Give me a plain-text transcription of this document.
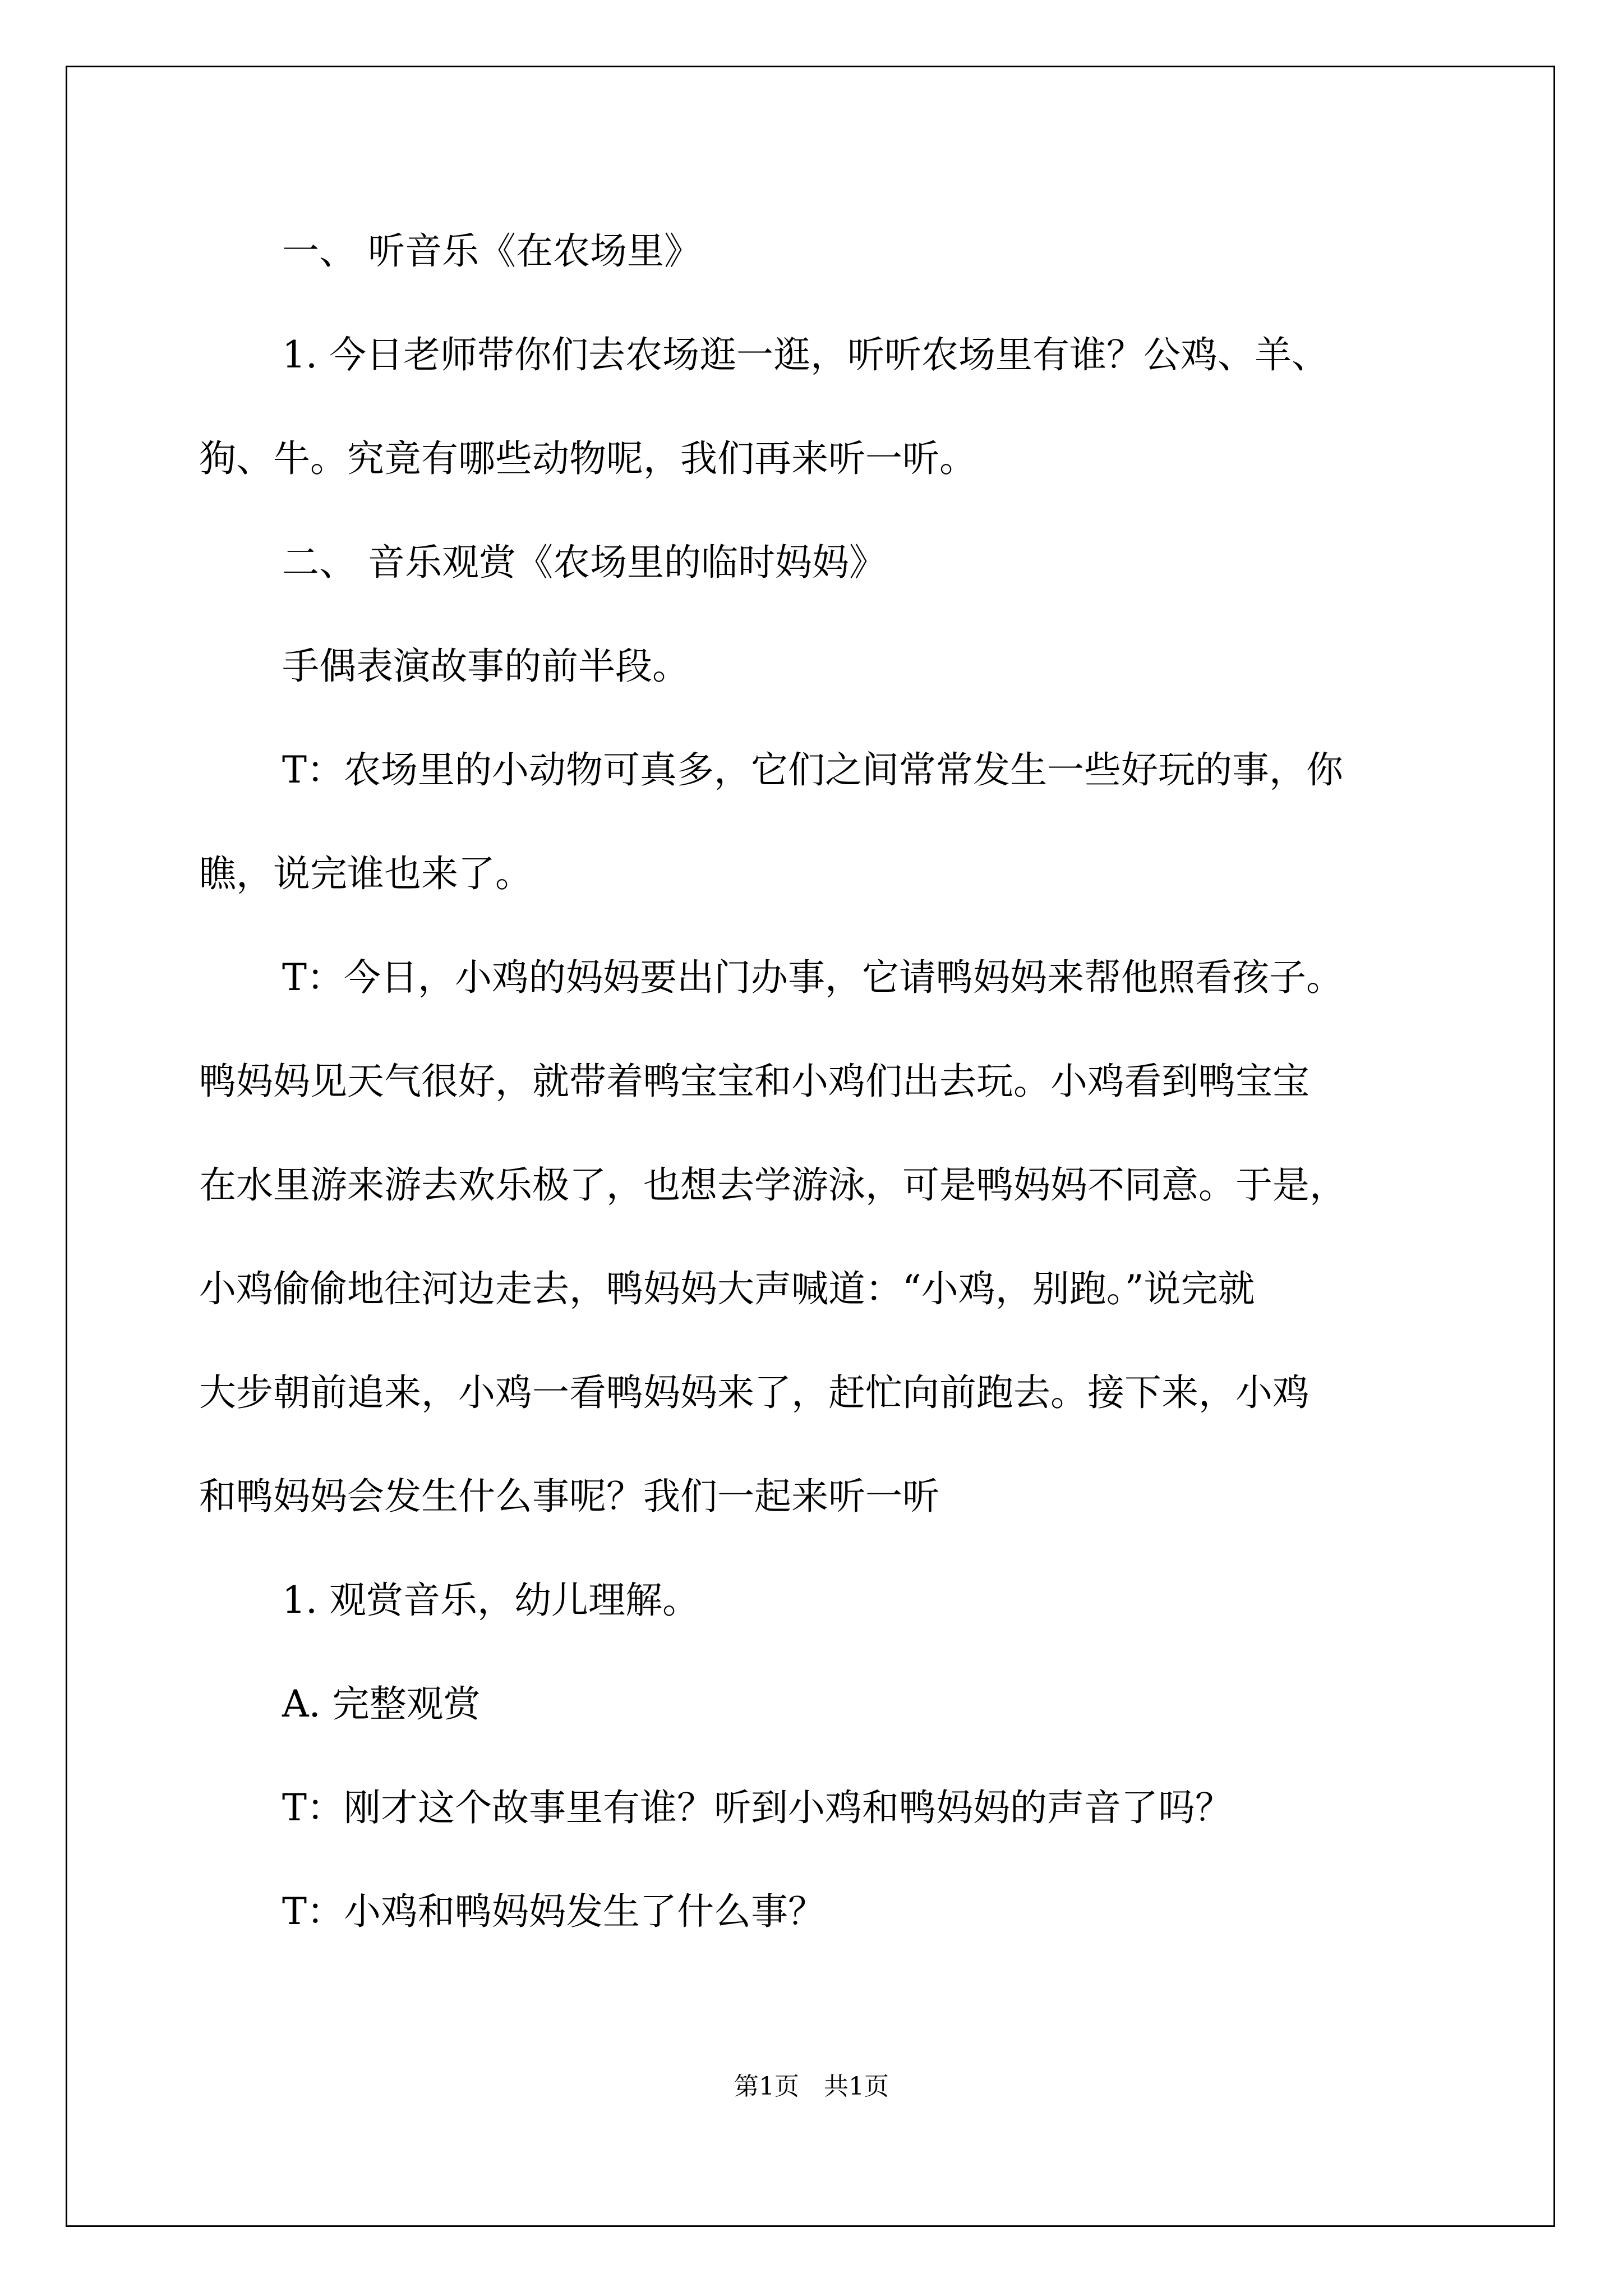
一、 听音乐《在农场里》
1. 今日老师带你们去农场逛一逛，听听农场里有谁？公鸡、羊、
狗、牛。究竟有哪些动物呢，我们再来听一听。
二、 音乐观赏《农场里的临时妈妈》
手偶表演故事的前半段。
T：农场里的小动物可真多，它们之间常常发生一些好玩的事，你
瞧，说完谁也来了。
T：今日，小鸡的妈妈要出门办事，它请鸭妈妈来帮他照看孩子。
鸭妈妈见天气很好，就带着鸭宝宝和小鸡们出去玩。小鸡看到鸭宝宝
在水里游来游去欢乐极了，也想去学游泳，可是鸭妈妈不同意。于是，
小鸡偷偷地往河边走去，鸭妈妈大声喊道：“小鸡，别跑。”说完就
大步朝前追来，小鸡一看鸭妈妈来了，赶忙向前跑去。接下来，小鸡
和鸭妈妈会发生什么事呢？我们一起来听一听
1. 观赏音乐，幼儿理解。
A. 完整观赏
T：刚才这个故事里有谁？听到小鸡和鸭妈妈的声音了吗？
T：小鸡和鸭妈妈发生了什么事？
第1页　共1页
